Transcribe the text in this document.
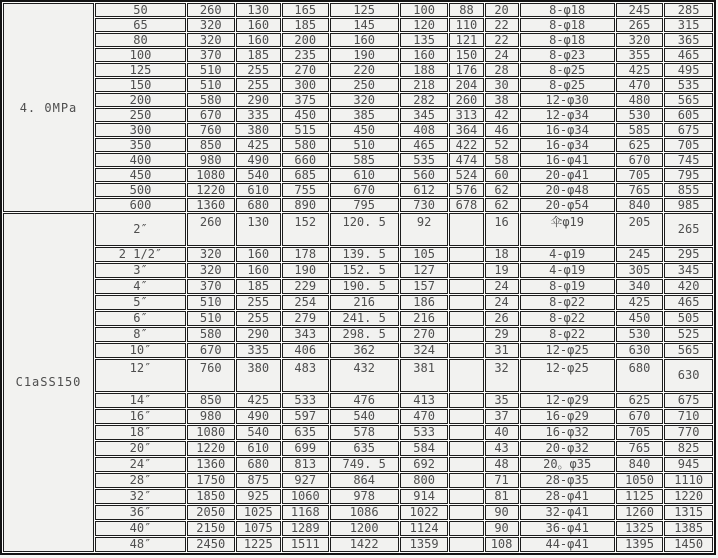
4. 0MPa	50	260	130	165	125	100	88	20	8-φ18	245	285
	65	320	160	185	145	120	110	22	8-φ18	265	315
	80	320	160	200	160	135	121	22	8-φ18	320	365
	100	370	185	235	190	160	150	24	8-φ23	355	465
	125	510	255	270	220	188	176	28	8-φ25	425	495
	150	510	255	300	250	218	204	30	8-φ25	470	535
	200	580	290	375	320	282	260	38	12-φ30	480	565
	250	670	335	450	385	345	313	42	12-φ34	530	605
	300	760	380	515	450	408	364	46	16-φ34	585	675
	350	850	425	580	510	465	422	52	16-φ34	625	705
	400	980	490	660	585	535	474	58	16-φ41	670	745
	450	1080	540	685	610	560	524	60	20-φ41	705	795
	500	1220	610	755	670	612	576	62	20-φ48	765	855
	600	1360	680	890	795	730	678	62	20-φ54	840	985
C1aSS150	2″	260	130	152	120. 5	92		16	伞φ19	205	265
	2 1/2″	320	160	178	139. 5	105		18	4-φ19	245	295
	3″	320	160	190	152. 5	127		19	4-φ19	305	345
	4″	370	185	229	190. 5	157		24	8-φ19	340	420
	5″	510	255	254	216	186		24	8-φ22	425	465
	6″	510	255	279	241. 5	216		26	8-φ22	450	505
	8″	580	290	343	298. 5	270		29	8-φ22	530	525
	10″	670	335	406	362	324		31	12-φ25	630	565
	12″	760	380	483	432	381		32	12-φ25	680	630
	14″	850	425	533	476	413		35	12-φ29	625	675
	16″	980	490	597	540	470		37	16-φ29	670	710
	18″	1080	540	635	578	533		40	16-φ32	705	770
	20″	1220	610	699	635	584		43	20-φ32	765	825
	24″	1360	680	813	749. 5	692		48	20。φ35	840	945
	28″	1750	875	927	864	800		71	28-φ35	1050	1110
	32″	1850	925	1060	978	914		81	28-φ41	1125	1220
	36″	2050	1025	1168	1086	1022		90	32-φ41	1260	1315
	40″	2150	1075	1289	1200	1124		90	36-φ41	1325	1385
	48″	2450	1225	1511	1422	1359		108	44-φ41	1395	1450
